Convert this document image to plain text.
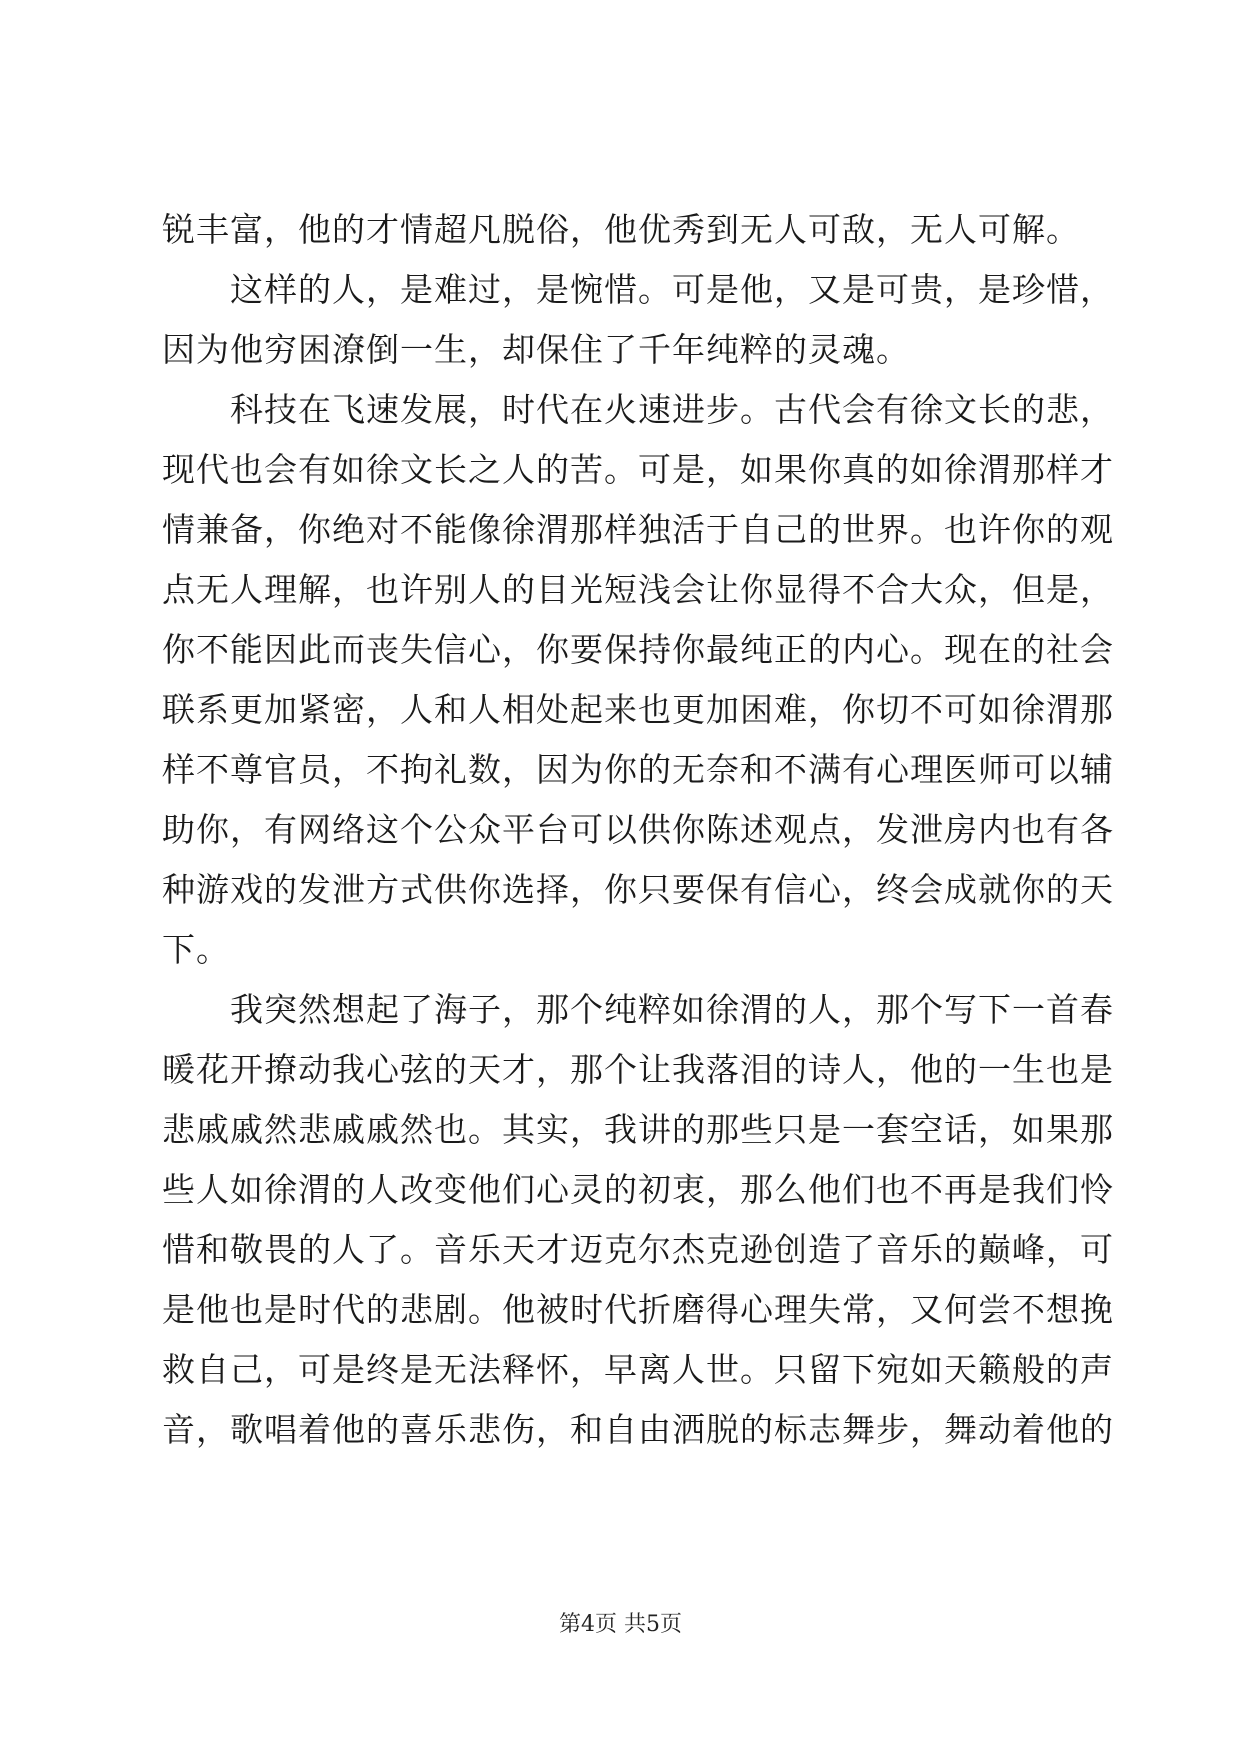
锐丰富，他的才情超凡脱俗，他优秀到无人可敌，无人可解。
　　这样的人，是难过，是惋惜。可是他，又是可贵，是珍惜，
因为他穷困潦倒一生，却保住了千年纯粹的灵魂。
　　科技在飞速发展，时代在火速进步。古代会有徐文长的悲，
现代也会有如徐文长之人的苦。可是，如果你真的如徐渭那样才
情兼备，你绝对不能像徐渭那样独活于自己的世界。也许你的观
点无人理解，也许别人的目光短浅会让你显得不合大众，但是，
你不能因此而丧失信心，你要保持你最纯正的内心。现在的社会
联系更加紧密，人和人相处起来也更加困难，你切不可如徐渭那
样不尊官员，不拘礼数，因为你的无奈和不满有心理医师可以辅
助你，有网络这个公众平台可以供你陈述观点，发泄房内也有各
种游戏的发泄方式供你选择，你只要保有信心，终会成就你的天
下。
　　我突然想起了海子，那个纯粹如徐渭的人，那个写下一首春
暖花开撩动我心弦的天才，那个让我落泪的诗人，他的一生也是
悲戚戚然悲戚戚然也。其实，我讲的那些只是一套空话，如果那
些人如徐渭的人改变他们心灵的初衷，那么他们也不再是我们怜
惜和敬畏的人了。音乐天才迈克尔杰克逊创造了音乐的巅峰，可
是他也是时代的悲剧。他被时代折磨得心理失常，又何尝不想挽
救自己，可是终是无法释怀，早离人世。只留下宛如天籁般的声
音，歌唱着他的喜乐悲伤，和自由洒脱的标志舞步，舞动着他的
第4页 共5页
